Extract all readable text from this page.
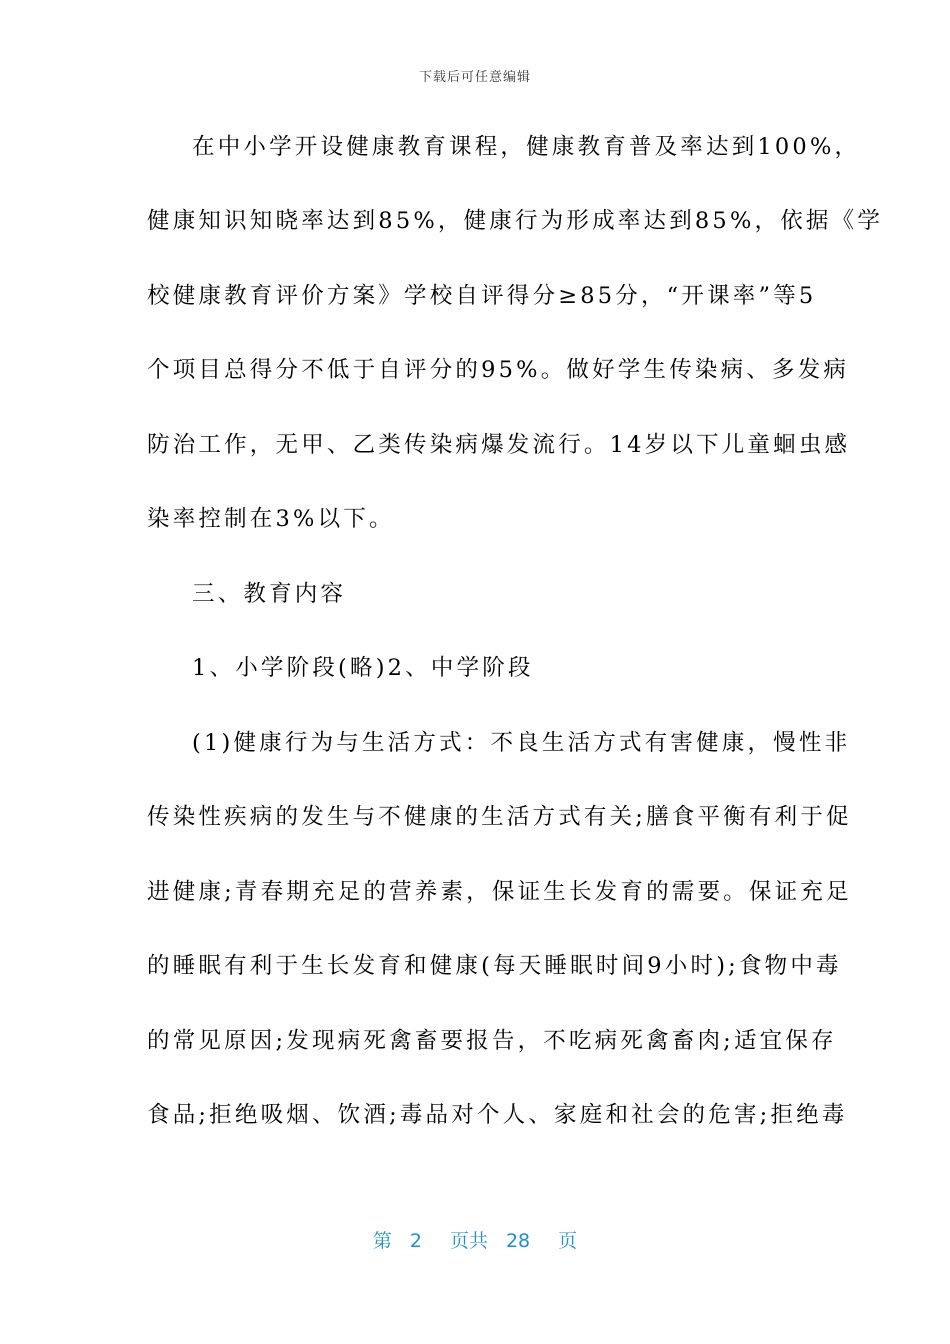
下载后可任意编辑
在中小学开设健康教育课程，健康教育普及率达到100%，
健康知识知晓率达到85%，健康行为形成率达到85%，依据《学
校健康教育评价方案》学校自评得分≥85分，“开课率”等5
个项目总得分不低于自评分的95%。做好学生传染病、多发病
防治工作，无甲、乙类传染病爆发流行。14岁以下儿童蛔虫感
染率控制在3%以下。
三、教育内容
1、小学阶段(略)2、中学阶段
(1)健康行为与生活方式：不良生活方式有害健康，慢性非
传染性疾病的发生与不健康的生活方式有关;膳食平衡有利于促
进健康;青春期充足的营养素，保证生长发育的需要。保证充足
的睡眠有利于生长发育和健康(每天睡眠时间9小时);食物中毒
的常见原因;发现病死禽畜要报告，不吃病死禽畜肉;适宜保存
食品;拒绝吸烟、饮酒;毒品对个人、家庭和社会的危害;拒绝毒
第 2 页共 28 页
